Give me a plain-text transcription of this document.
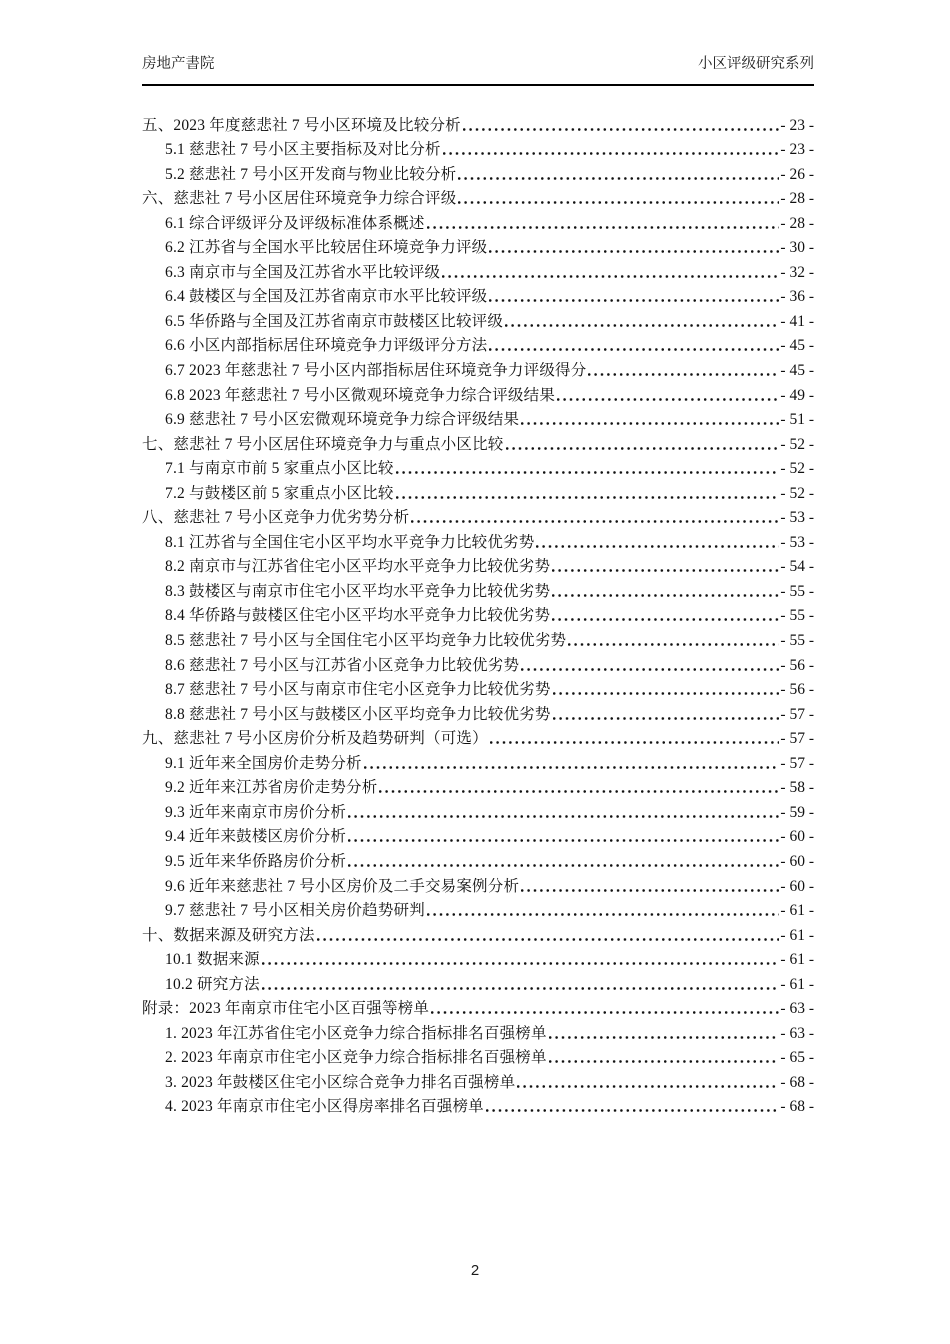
房地产書院	小区评级研究系列
五、2023 年度慈悲社 7 号小区环境及比较分析	- 23 -
5.1 慈悲社 7 号小区主要指标及对比分析	- 23 -
5.2 慈悲社 7 号小区开发商与物业比较分析	- 26 -
六、慈悲社 7 号小区居住环境竞争力综合评级	- 28 -
6.1 综合评级评分及评级标准体系概述	- 28 -
6.2 江苏省与全国水平比较居住环境竞争力评级	- 30 -
6.3 南京市与全国及江苏省水平比较评级	- 32 -
6.4 鼓楼区与全国及江苏省南京市水平比较评级	- 36 -
6.5 华侨路与全国及江苏省南京市鼓楼区比较评级	- 41 -
6.6 小区内部指标居住环境竞争力评级评分方法	- 45 -
6.7 2023 年慈悲社 7 号小区内部指标居住环境竞争力评级得分	- 45 -
6.8 2023 年慈悲社 7 号小区微观环境竞争力综合评级结果	- 49 -
6.9 慈悲社 7 号小区宏微观环境竞争力综合评级结果	- 51 -
七、慈悲社 7 号小区居住环境竞争力与重点小区比较	- 52 -
7.1 与南京市前 5 家重点小区比较	- 52 -
7.2 与鼓楼区前 5 家重点小区比较	- 52 -
八、慈悲社 7 号小区竞争力优劣势分析	- 53 -
8.1 江苏省与全国住宅小区平均水平竞争力比较优劣势	- 53 -
8.2 南京市与江苏省住宅小区平均水平竞争力比较优劣势	- 54 -
8.3 鼓楼区与南京市住宅小区平均水平竞争力比较优劣势	- 55 -
8.4 华侨路与鼓楼区住宅小区平均水平竞争力比较优劣势	- 55 -
8.5 慈悲社 7 号小区与全国住宅小区平均竞争力比较优劣势	- 55 -
8.6 慈悲社 7 号小区与江苏省小区竞争力比较优劣势	- 56 -
8.7 慈悲社 7 号小区与南京市住宅小区竞争力比较优劣势	- 56 -
8.8 慈悲社 7 号小区与鼓楼区小区平均竞争力比较优劣势	- 57 -
九、慈悲社 7 号小区房价分析及趋势研判（可选）	- 57 -
9.1 近年来全国房价走势分析	- 57 -
9.2 近年来江苏省房价走势分析	- 58 -
9.3 近年来南京市房价分析	- 59 -
9.4 近年来鼓楼区房价分析	- 60 -
9.5 近年来华侨路房价分析	- 60 -
9.6 近年来慈悲社 7 号小区房价及二手交易案例分析	- 60 -
9.7 慈悲社 7 号小区相关房价趋势研判	- 61 -
十、数据来源及研究方法	- 61 -
10.1 数据来源	- 61 -
10.2 研究方法	- 61 -
附录：2023 年南京市住宅小区百强等榜单	- 63 -
1. 2023 年江苏省住宅小区竞争力综合指标排名百强榜单	- 63 -
2. 2023 年南京市住宅小区竞争力综合指标排名百强榜单	- 65 -
3. 2023 年鼓楼区住宅小区综合竞争力排名百强榜单	- 68 -
4. 2023 年南京市住宅小区得房率排名百强榜单	- 68 -
2
